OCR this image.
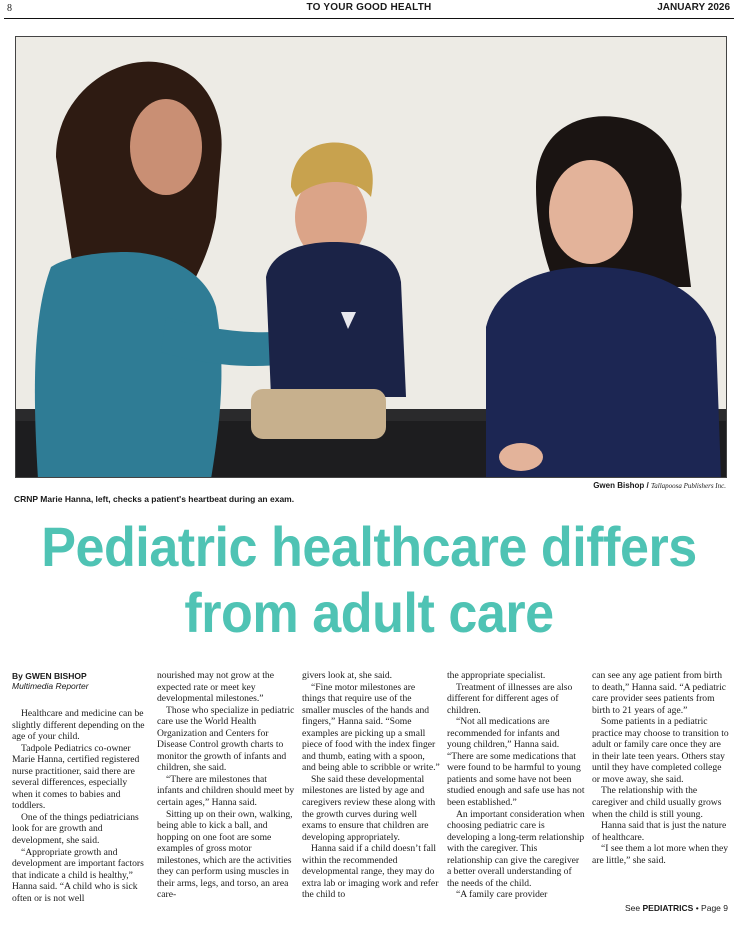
8	TO YOUR GOOD HEALTH	JANUARY 2026
Gwen Bishop / Tallapoosa Publishers Inc.
CRNP Marie Hanna, left, checks a patient's heartbeat during an exam.
Pediatric healthcare differs
from adult care
By GWEN BISHOP
Multimedia Reporter

Healthcare and medicine can be slightly different depending on the age of your child.

Tadpole Pediatrics co-owner Marie Hanna, certified registered nurse practitioner, said there are several differences, especially when it comes to babies and toddlers.

One of the things pediatricians look for are growth and development, she said.

“Appropriate growth and development are important factors that indicate a child is healthy,” Hanna said. “A child who is sick often or is not well

nourished may not grow at the expected rate or meet key developmental milestones.”

Those who specialize in pediatric care use the World Health Organization and Centers for Disease Control growth charts to monitor the growth of infants and children, she said.

“There are milestones that infants and children should meet by certain ages,” Hanna said.

Sitting up on their own, walking, being able to kick a ball, and hopping on one foot are some examples of gross motor milestones, which are the activities they can perform using muscles in their arms, legs, and torso, an area care-

givers look at, she said.

“Fine motor milestones are things that require use of the smaller muscles of the hands and fingers,” Hanna said. “Some examples are picking up a small piece of food with the index finger and thumb, eating with a spoon, and being able to scribble or write.”

She said these developmental milestones are listed by age and caregivers review these along with the growth curves during well exams to ensure that children are developing appropriately.

Hanna said if a child doesn’t fall within the recommended developmental range, they may do extra lab or imaging work and refer the child to

the appropriate specialist.

Treatment of illnesses are also different for different ages of children.

“Not all medications are recommended for infants and young children,” Hanna said. “There are some medications that were found to be harmful to young patients and some have not been studied enough and safe use has not been established.”

An important consideration when choosing pediatric care is developing a long-term relationship with the caregiver. This relationship can give the caregiver a better overall understanding of the needs of the child.

“A family care provider

can see any age patient from birth to death,” Hanna said. “A pediatric care provider sees patients from birth to 21 years of age.”

Some patients in a pediatric practice may choose to transition to adult or family care once they are in their late teen years. Others stay until they have completed college or move away, she said.

The relationship with the caregiver and child usually grows when the child is still young.

Hanna said that is just the nature of healthcare.

“I see them a lot more when they are little,” she said.

See PEDIATRICS • Page 9
